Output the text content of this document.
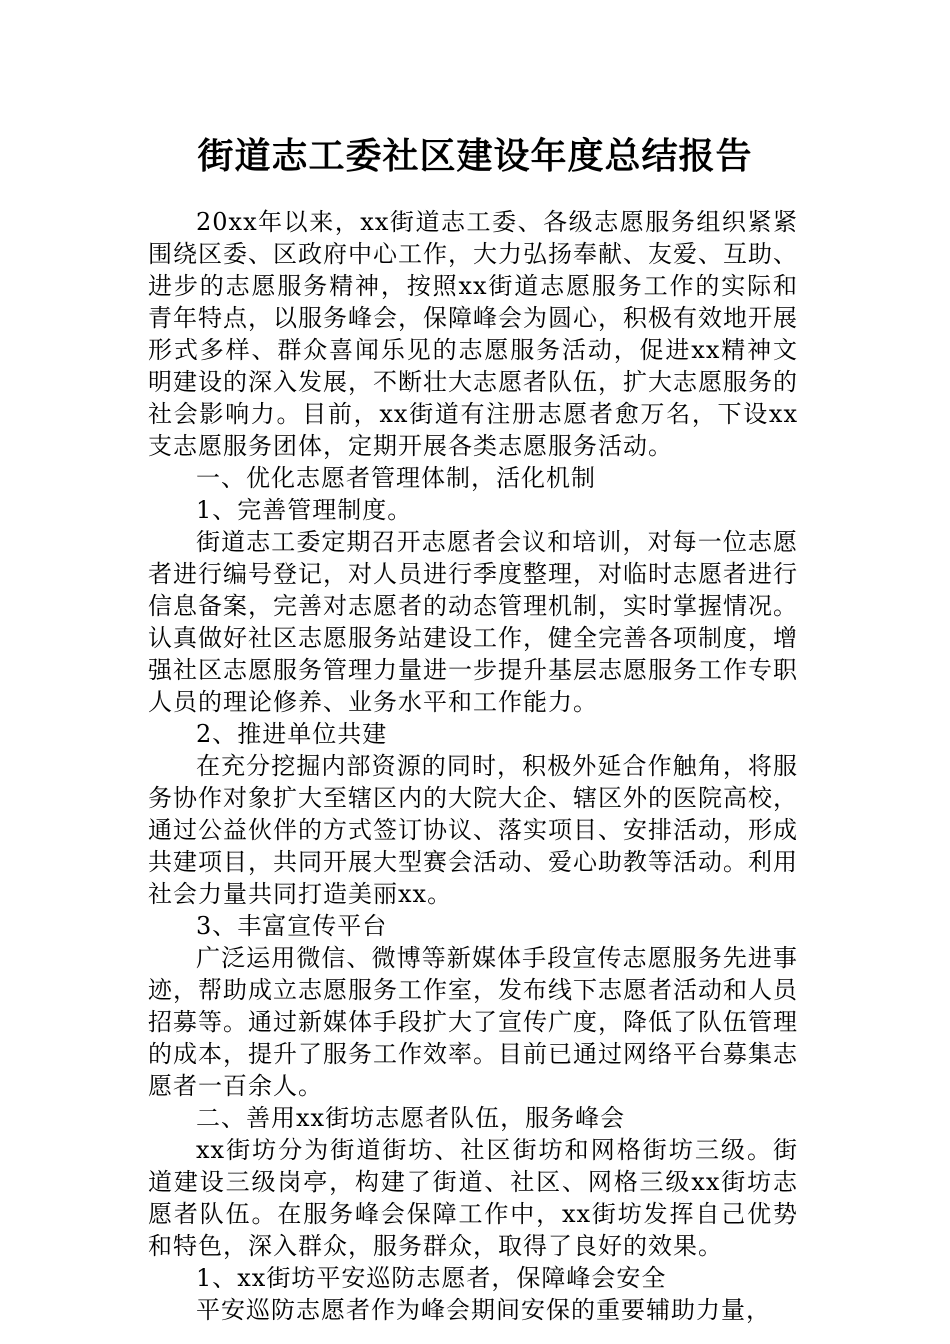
街道志工委社区建设年度总结报告

20xx年以来，xx街道志工委、各级志愿服务组织紧紧围绕区委、区政府中心工作，大力弘扬奉献、友爱、互助、进步的志愿服务精神，按照xx街道志愿服务工作的实际和青年特点，以服务峰会，保障峰会为圆心，积极有效地开展形式多样、群众喜闻乐见的志愿服务活动，促进xx精神文明建设的深入发展，不断壮大志愿者队伍，扩大志愿服务的社会影响力。目前，xx街道有注册志愿者愈万名，下设xx支志愿服务团体，定期开展各类志愿服务活动。

一、优化志愿者管理体制，活化机制

1、完善管理制度。

街道志工委定期召开志愿者会议和培训，对每一位志愿者进行编号登记，对人员进行季度整理，对临时志愿者进行信息备案，完善对志愿者的动态管理机制，实时掌握情况。认真做好社区志愿服务站建设工作，健全完善各项制度，增强社区志愿服务管理力量进一步提升基层志愿服务工作专职人员的理论修养、业务水平和工作能力。

2、推进单位共建

在充分挖掘内部资源的同时，积极外延合作触角，将服务协作对象扩大至辖区内的大院大企、辖区外的医院高校，通过公益伙伴的方式签订协议、落实项目、安排活动，形成共建项目，共同开展大型赛会活动、爱心助教等活动。利用社会力量共同打造美丽xx。

3、丰富宣传平台

广泛运用微信、微博等新媒体手段宣传志愿服务先进事迹，帮助成立志愿服务工作室，发布线下志愿者活动和人员招募等。通过新媒体手段扩大了宣传广度，降低了队伍管理的成本，提升了服务工作效率。目前已通过网络平台募集志愿者一百余人。

二、善用xx街坊志愿者队伍，服务峰会

xx街坊分为街道街坊、社区街坊和网格街坊三级。街道建设三级岗亭，构建了街道、社区、网格三级xx街坊志愿者队伍。在服务峰会保障工作中，xx街坊发挥自己优势和特色，深入群众，服务群众，取得了良好的效果。

1、xx街坊平安巡防志愿者，保障峰会安全

平安巡防志愿者作为峰会期间安保的重要辅助力量，
